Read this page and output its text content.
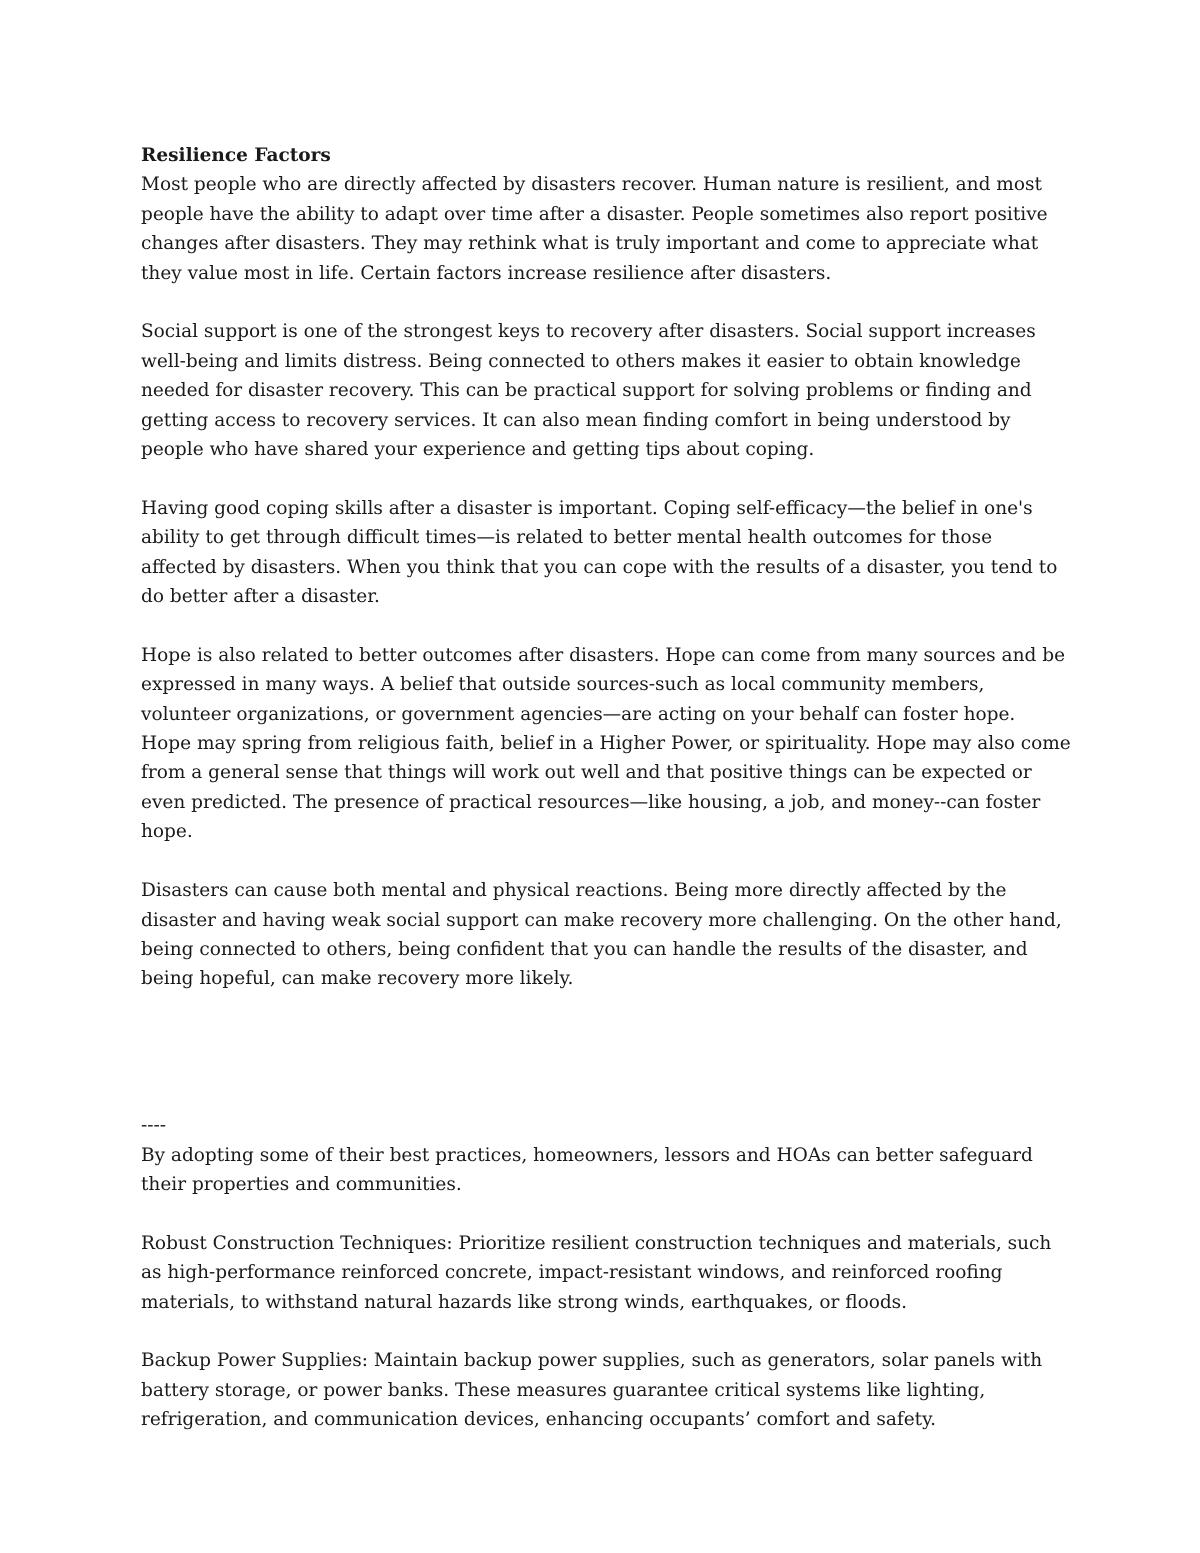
Resilience Factors

Most people who are directly affected by disasters recover. Human nature is resilient, and most people have the ability to adapt over time after a disaster. People sometimes also report positive changes after disasters. They may rethink what is truly important and come to appreciate what they value most in life. Certain factors increase resilience after disasters.

Social support is one of the strongest keys to recovery after disasters. Social support increases well-being and limits distress. Being connected to others makes it easier to obtain knowledge needed for disaster recovery. This can be practical support for solving problems or finding and getting access to recovery services. It can also mean finding comfort in being understood by people who have shared your experience and getting tips about coping.

Having good coping skills after a disaster is important. Coping self-efficacy—the belief in one's ability to get through difficult times—is related to better mental health outcomes for those affected by disasters. When you think that you can cope with the results of a disaster, you tend to do better after a disaster.

Hope is also related to better outcomes after disasters. Hope can come from many sources and be expressed in many ways. A belief that outside sources-such as local community members, volunteer organizations, or government agencies—are acting on your behalf can foster hope. Hope may spring from religious faith, belief in a Higher Power, or spirituality. Hope may also come from a general sense that things will work out well and that positive things can be expected or even predicted. The presence of practical resources—like housing, a job, and money--can foster hope.

Disasters can cause both mental and physical reactions. Being more directly affected by the disaster and having weak social support can make recovery more challenging. On the other hand, being connected to others, being confident that you can handle the results of the disaster, and being hopeful, can make recovery more likely.

----

By adopting some of their best practices, homeowners, lessors and HOAs can better safeguard their properties and communities.

Robust Construction Techniques: Prioritize resilient construction techniques and materials, such as high-performance reinforced concrete, impact-resistant windows, and reinforced roofing materials, to withstand natural hazards like strong winds, earthquakes, or floods.

Backup Power Supplies: Maintain backup power supplies, such as generators, solar panels with battery storage, or power banks. These measures guarantee critical systems like lighting, refrigeration, and communication devices, enhancing occupants’ comfort and safety.
